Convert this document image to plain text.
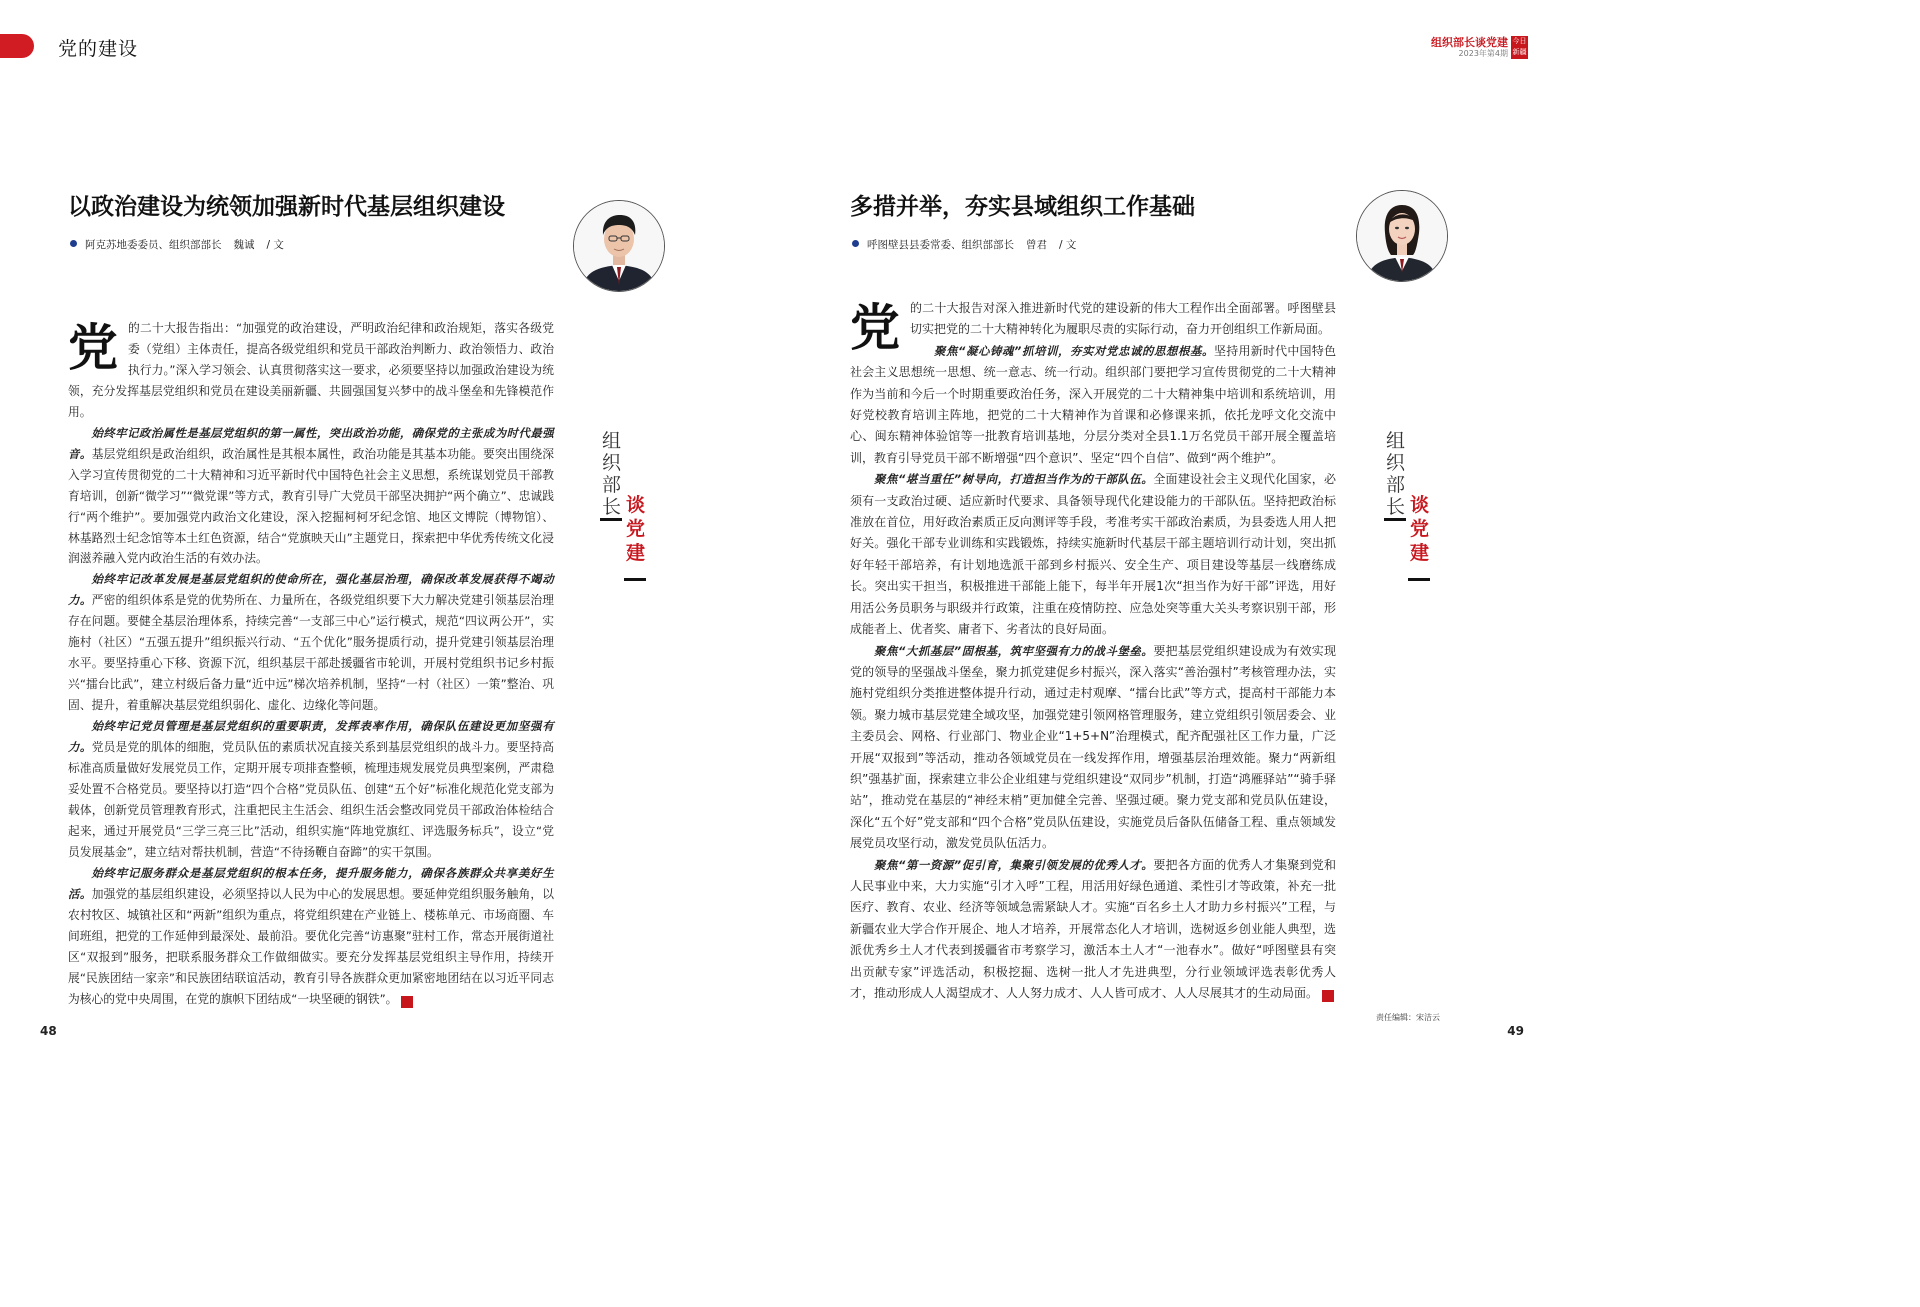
党的建设	组织部长谈党建
2023年第4期
今日新疆
以政治建设为统领加强新时代基层组织建设
阿克苏地委委员、组织部部长 魏诚 / 文
组
织
部
长 谈
党
建

党的二十大报告指出：“加强党的政治建设，严明政治纪律和政治规矩，落实各级党委（党组）主体责任，提高各级党组织和党员干部政治判断力、政治领悟力、政治执行力。”深入学习领会、认真贯彻落实这一要求，必须要坚持以加强政治建设为统领，充分发挥基层党组织和党员在建设美丽新疆、共圆强国复兴梦中的战斗堡垒和先锋模范作用。

始终牢记政治属性是基层党组织的第一属性，突出政治功能，确保党的主张成为时代最强音。基层党组织是政治组织，政治属性是其根本属性，政治功能是其基本功能。要突出围绕深入学习宣传贯彻党的二十大精神和习近平新时代中国特色社会主义思想，系统谋划党员干部教育培训，创新“微学习”“微党课”等方式，教育引导广大党员干部坚决拥护“两个确立”、忠诚践行“两个维护”。要加强党内政治文化建设，深入挖掘柯柯牙纪念馆、地区文博院（博物馆）、林基路烈士纪念馆等本土红色资源，结合“党旗映天山”主题党日，探索把中华优秀传统文化浸润滋养融入党内政治生活的有效办法。

始终牢记改革发展是基层党组织的使命所在，强化基层治理，确保改革发展获得不竭动力。严密的组织体系是党的优势所在、力量所在，各级党组织要下大力解决党建引领基层治理存在问题。要健全基层治理体系，持续完善“一支部三中心”运行模式，规范“四议两公开”，实施村（社区）“五强五提升”组织振兴行动、“五个优化”服务提质行动，提升党建引领基层治理水平。要坚持重心下移、资源下沉，组织基层干部赴援疆省市轮训，开展村党组织书记乡村振兴“擂台比武”，建立村级后备力量“近中远”梯次培养机制，坚持“一村（社区）一策”整治、巩固、提升，着重解决基层党组织弱化、虚化、边缘化等问题。

始终牢记党员管理是基层党组织的重要职责，发挥表率作用，确保队伍建设更加坚强有力。党员是党的肌体的细胞，党员队伍的素质状况直接关系到基层党组织的战斗力。要坚持高标准高质量做好发展党员工作，定期开展专项排查整顿，梳理违规发展党员典型案例，严肃稳妥处置不合格党员。要坚持以打造“四个合格”党员队伍、创建“五个好”标准化规范化党支部为载体，创新党员管理教育形式，注重把民主生活会、组织生活会整改同党员干部政治体检结合起来，通过开展党员“三学三亮三比”活动，组织实施“阵地党旗红、评选服务标兵”，设立“党员发展基金”，建立结对帮扶机制，营造“不待扬鞭自奋蹄”的实干氛围。

始终牢记服务群众是基层党组织的根本任务，提升服务能力，确保各族群众共享美好生活。加强党的基层组织建设，必须坚持以人民为中心的发展思想。要延伸党组织服务触角，以农村牧区、城镇社区和“两新”组织为重点，将党组织建在产业链上、楼栋单元、市场商圈、车间班组，把党的工作延伸到最深处、最前沿。要优化完善“访惠聚”驻村工作，常态开展街道社区“双报到”服务，把联系服务群众工作做细做实。要充分发挥基层党组织主导作用，持续开展“民族团结一家亲”和民族团结联谊活动，教育引导各族群众更加紧密地团结在以习近平同志为核心的党中央周围，在党的旗帜下团结成“一块坚硬的钢铁”。	J

多措并举，夯实县域组织工作基础
呼图壁县县委常委、组织部部长 曾君 / 文
组
织
部
长 谈
党
建

党的二十大报告对深入推进新时代党的建设新的伟大工程作出全面部署。呼图壁县切实把党的二十大精神转化为履职尽责的实际行动，奋力开创组织工作新局面。

聚焦“凝心铸魂”抓培训，夯实对党忠诚的思想根基。坚持用新时代中国特色社会主义思想统一思想、统一意志、统一行动。组织部门要把学习宣传贯彻党的二十大精神作为当前和今后一个时期重要政治任务，深入开展党的二十大精神集中培训和系统培训，用好党校教育培训主阵地，把党的二十大精神作为首课和必修课来抓，依托龙呼文化交流中心、闽东精神体验馆等一批教育培训基地，分层分类对全县1.1万名党员干部开展全覆盖培训，教育引导党员干部不断增强“四个意识”、坚定“四个自信”、做到“两个维护”。

聚焦“堪当重任”树导向，打造担当作为的干部队伍。全面建设社会主义现代化国家，必须有一支政治过硬、适应新时代要求、具备领导现代化建设能力的干部队伍。坚持把政治标准放在首位，用好政治素质正反向测评等手段，考准考实干部政治素质，为县委选人用人把好关。强化干部专业训练和实践锻炼，持续实施新时代基层干部主题培训行动计划，突出抓好年轻干部培养，有计划地选派干部到乡村振兴、安全生产、项目建设等基层一线磨练成长。突出实干担当，积极推进干部能上能下，每半年开展1次“担当作为好干部”评选，用好用活公务员职务与职级并行政策，注重在疫情防控、应急处突等重大关头考察识别干部，形成能者上、优者奖、庸者下、劣者汰的良好局面。

聚焦“大抓基层”固根基，筑牢坚强有力的战斗堡垒。要把基层党组织建设成为有效实现党的领导的坚强战斗堡垒，聚力抓党建促乡村振兴，深入落实“善治强村”考核管理办法，实施村党组织分类推进整体提升行动，通过走村观摩、“擂台比武”等方式，提高村干部能力本领。聚力城市基层党建全域攻坚，加强党建引领网格管理服务，建立党组织引领居委会、业主委员会、网格、行业部门、物业企业“1+5+N”治理模式，配齐配强社区工作力量，广泛开展“双报到”等活动，推动各领域党员在一线发挥作用，增强基层治理效能。聚力“两新组织”强基扩面，探索建立非公企业组建与党组织建设“双同步”机制，打造“鸿雁驿站”“骑手驿站”，推动党在基层的“神经末梢”更加健全完善、坚强过硬。聚力党支部和党员队伍建设，深化“五个好”党支部和“四个合格”党员队伍建设，实施党员后备队伍储备工程、重点领域发展党员攻坚行动，激发党员队伍活力。

聚焦“第一资源”促引育，集聚引领发展的优秀人才。要把各方面的优秀人才集聚到党和人民事业中来，大力实施“引才入呼”工程，用活用好绿色通道、柔性引才等政策，补充一批医疗、教育、农业、经济等领域急需紧缺人才。实施“百名乡土人才助力乡村振兴”工程，与新疆农业大学合作开展企、地人才培养，开展常态化人才培训，选树返乡创业能人典型，选派优秀乡土人才代表到援疆省市考察学习，激活本土人才“一池春水”。做好“呼图壁县有突出贡献专家”评选活动，积极挖掘、选树一批人才先进典型，分行业领域评选表彰优秀人才，推动形成人人渴望成才、人人努力成才、人人皆可成才、人人尽展其才的生动局面。	J

48
责任编辑：宋洁云
49
